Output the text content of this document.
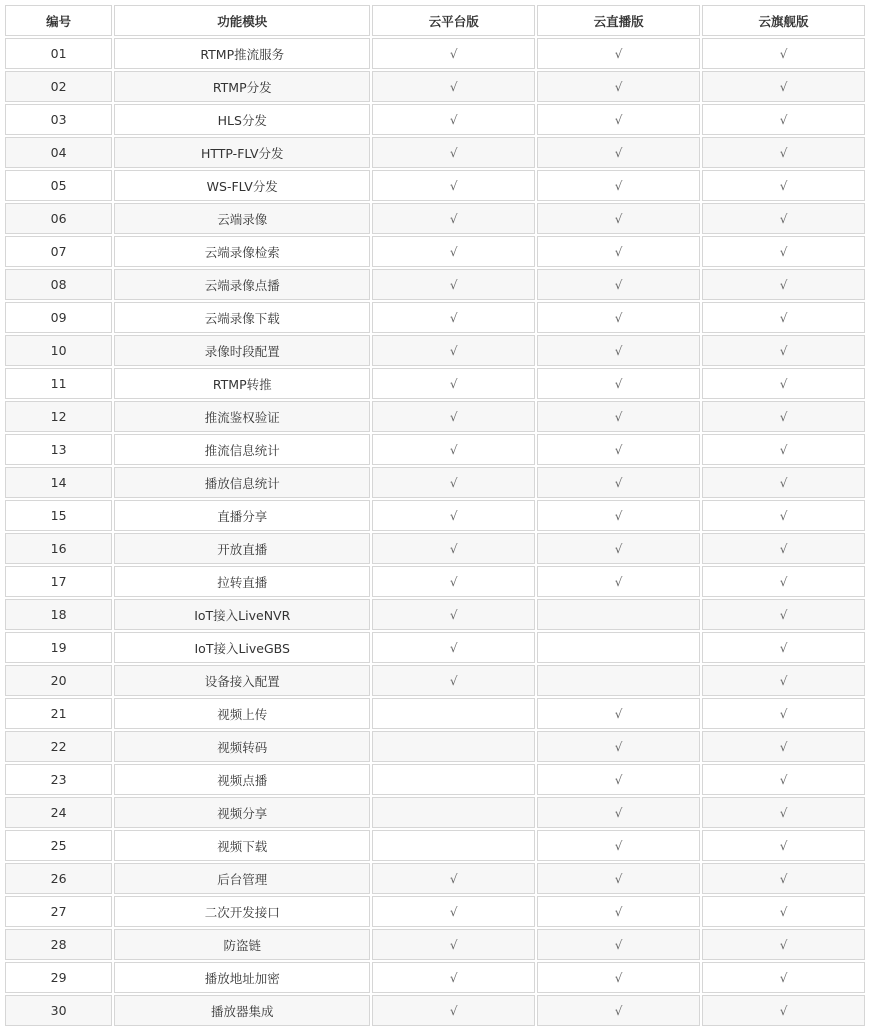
编号	功能模块	云平台版	云直播版	云旗舰版
01	RTMP推流服务	√	√	√
02	RTMP分发	√	√	√
03	HLS分发	√	√	√
04	HTTP-FLV分发	√	√	√
05	WS-FLV分发	√	√	√
06	云端录像	√	√	√
07	云端录像检索	√	√	√
08	云端录像点播	√	√	√
09	云端录像下载	√	√	√
10	录像时段配置	√	√	√
11	RTMP转推	√	√	√
12	推流鉴权验证	√	√	√
13	推流信息统计	√	√	√
14	播放信息统计	√	√	√
15	直播分享	√	√	√
16	开放直播	√	√	√
17	拉转直播	√	√	√
18	IoT接入LiveNVR	√		√
19	IoT接入LiveGBS	√		√
20	设备接入配置	√		√
21	视频上传		√	√
22	视频转码		√	√
23	视频点播		√	√
24	视频分享		√	√
25	视频下载		√	√
26	后台管理	√	√	√
27	二次开发接口	√	√	√
28	防盗链	√	√	√
29	播放地址加密	√	√	√
30	播放器集成	√	√	√
